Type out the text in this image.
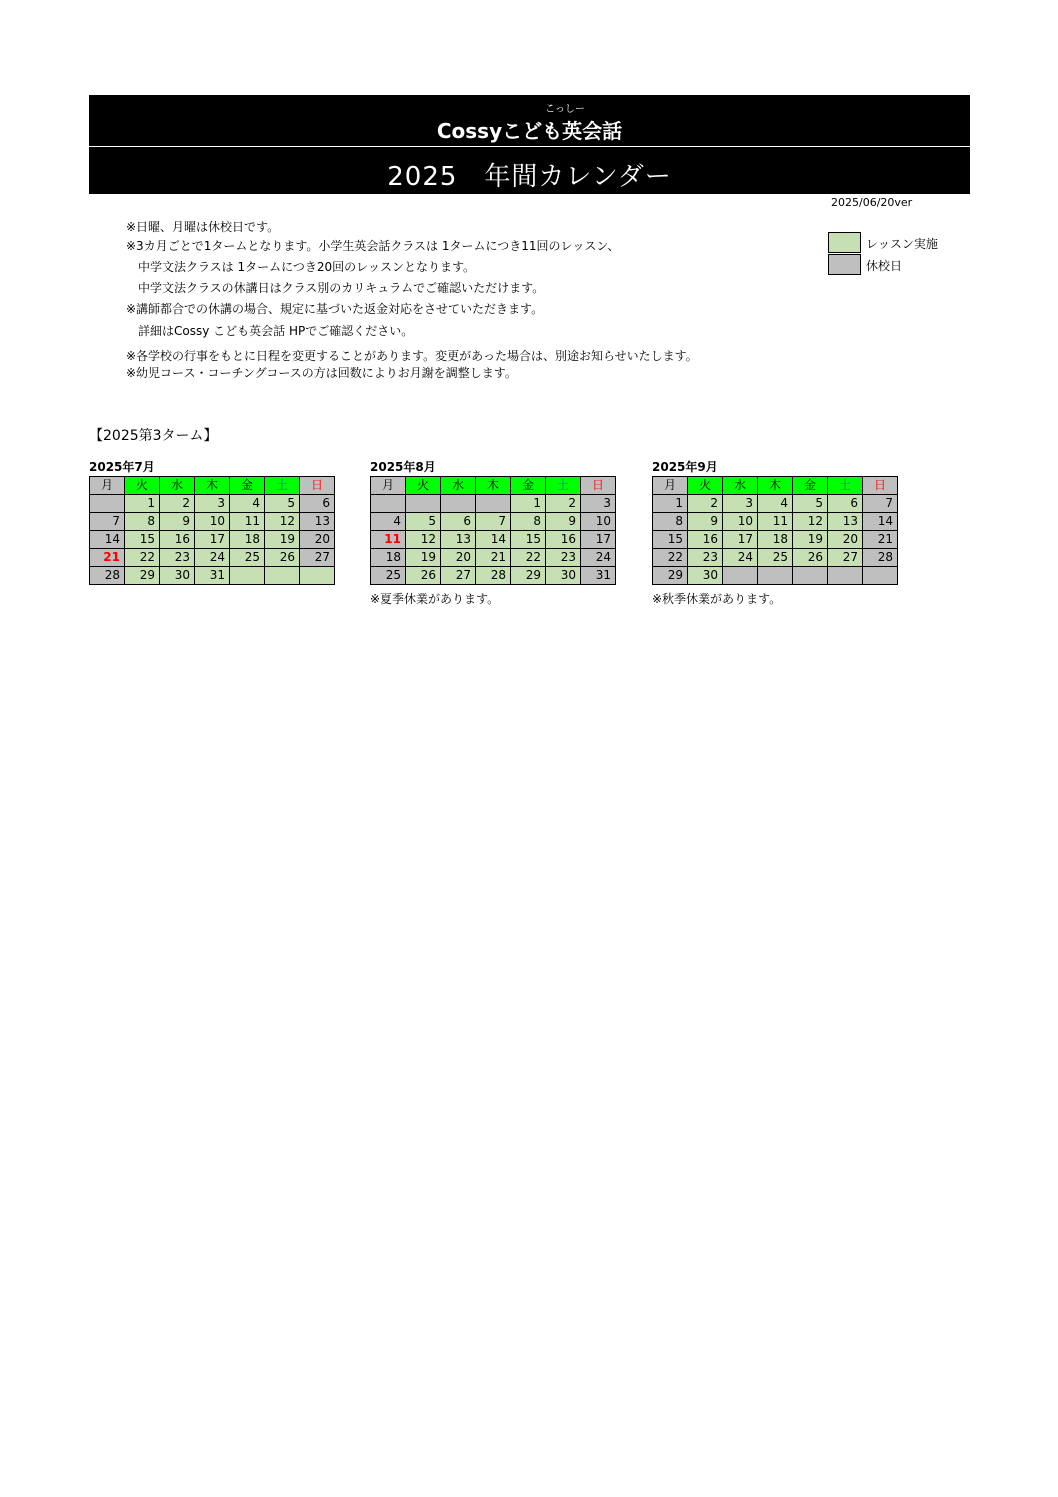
こっしー
Cossyこども英会話
2025　年間カレンダー
2025/06/20ver
※日曜、月曜は休校日です。
※3カ月ごとで1タームとなります。小学生英会話クラスは 1タームにつき11回のレッスン、
　中学文法クラスは 1タームにつき20回のレッスンとなります。
　中学文法クラスの休講日はクラス別のカリキュラムでご確認いただけます。
※講師都合での休講の場合、規定に基づいた返金対応をさせていただきます。
　詳細はCossy こども英会話 HPでご確認ください。
※各学校の行事をもとに日程を変更することがあります。変更があった場合は、別途お知らせいたします。
※幼児コース・コーチングコースの方は回数によりお月謝を調整します。
レッスン実施
休校日
【2025第3ターム】
2025年7月
月	火	水	木	金	土	日
	1	2	3	4	5	6
7	8	9	10	11	12	13
14	15	16	17	18	19	20
21	22	23	24	25	26	27
28	29	30	31			
2025年8月
月	火	水	木	金	土	日
				1	2	3
4	5	6	7	8	9	10
11	12	13	14	15	16	17
18	19	20	21	22	23	24
25	26	27	28	29	30	31
※夏季休業があります。
2025年9月
月	火	水	木	金	土	日
1	2	3	4	5	6	7
8	9	10	11	12	13	14
15	16	17	18	19	20	21
22	23	24	25	26	27	28
29	30					
※秋季休業があります。
